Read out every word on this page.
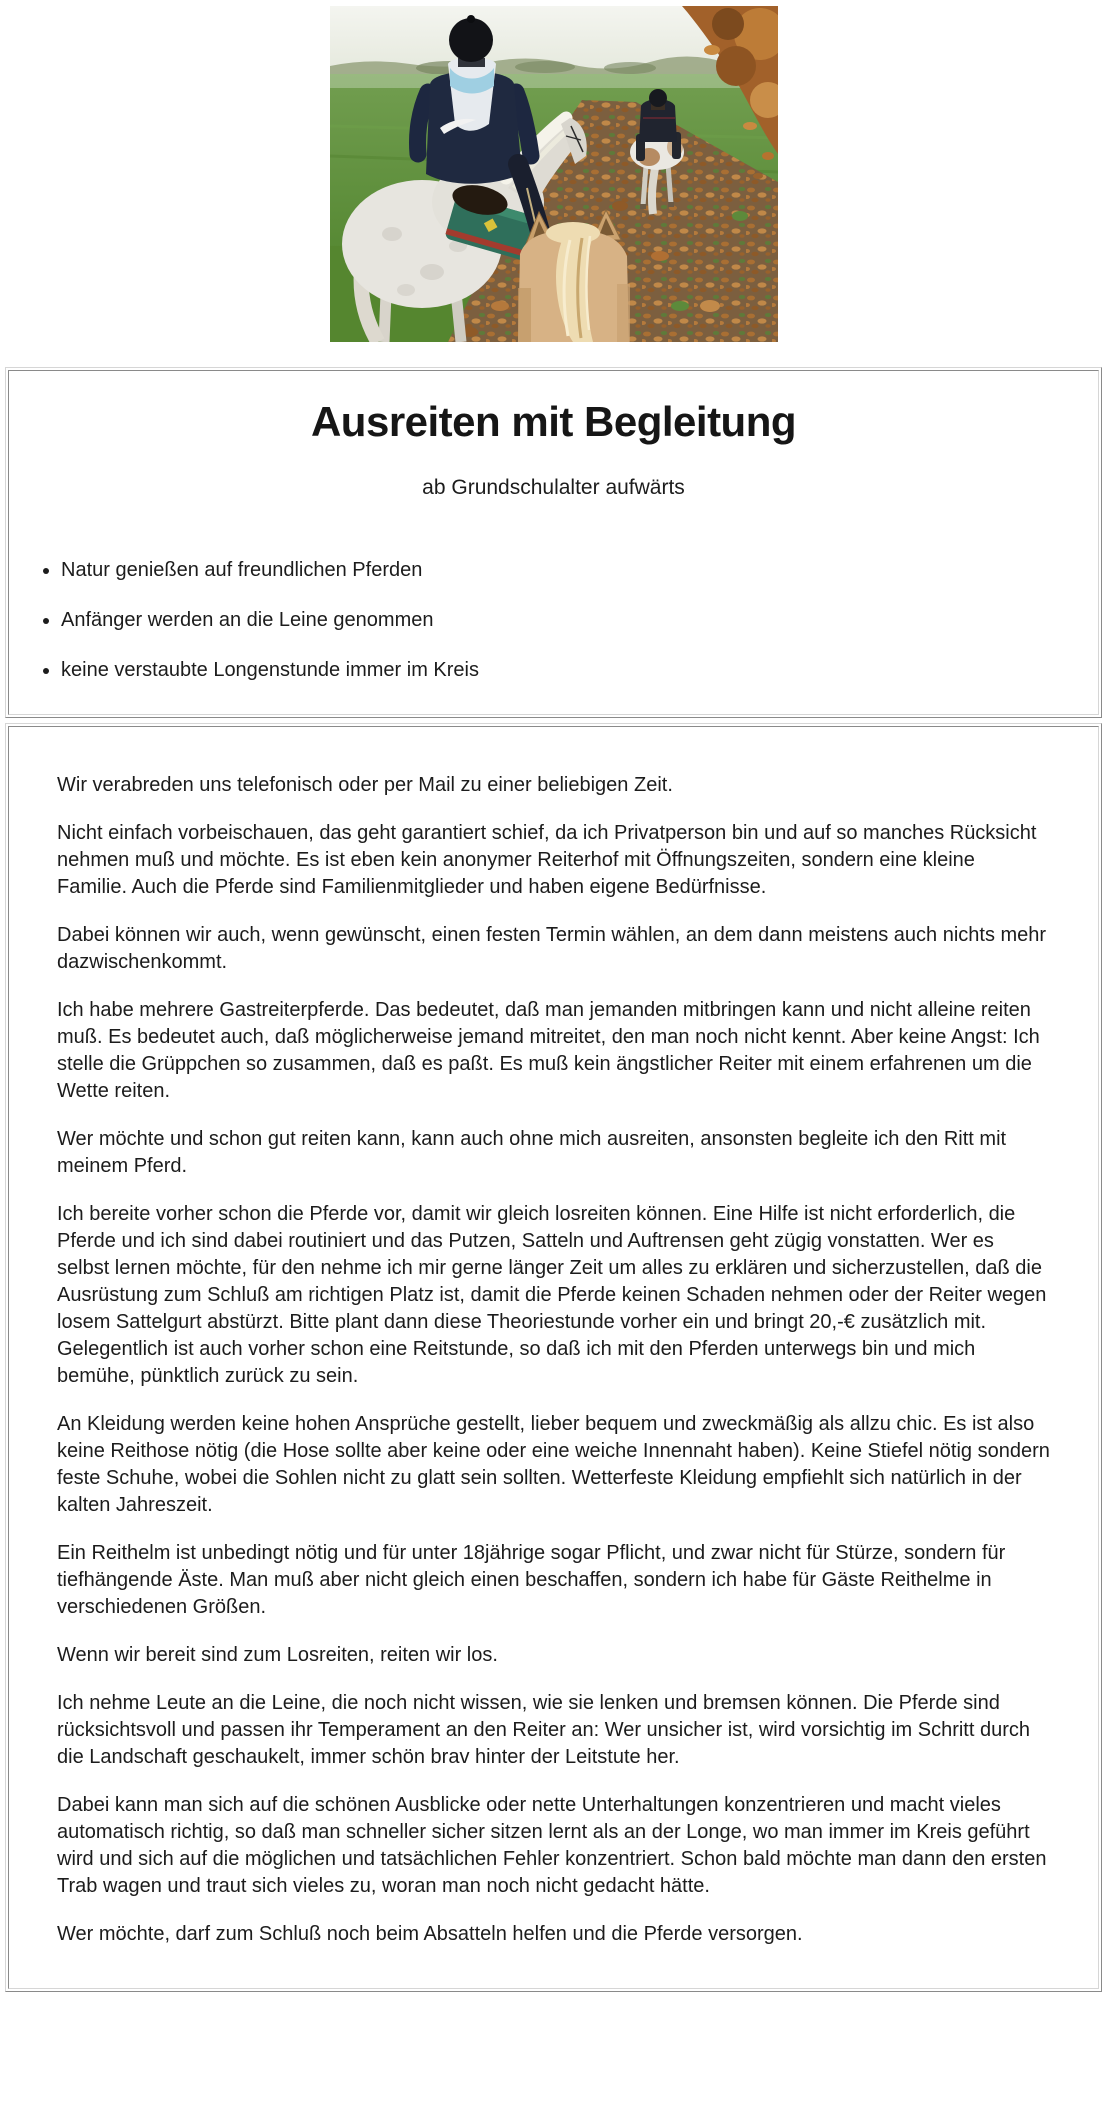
Ausreiten mit Begleitung
ab Grundschulalter aufwärts
• Natur genießen auf freundlichen Pferden
• Anfänger werden an die Leine genommen
• keine verstaubte Longenstunde immer im Kreis

Wir verabreden uns telefonisch oder per Mail zu einer beliebigen Zeit.

Nicht einfach vorbeischauen, das geht garantiert schief, da ich Privatperson bin und auf so manches Rücksicht nehmen muß und möchte. Es ist eben kein anonymer Reiterhof mit Öffnungszeiten, sondern eine kleine Familie. Auch die Pferde sind Familienmitglieder und haben eigene Bedürfnisse.

Dabei können wir auch, wenn gewünscht, einen festen Termin wählen, an dem dann meistens auch nichts mehr dazwischenkommt.

Ich habe mehrere Gastreiterpferde. Das bedeutet, daß man jemanden mitbringen kann und nicht alleine reiten muß. Es bedeutet auch, daß möglicherweise jemand mitreitet, den man noch nicht kennt. Aber keine Angst: Ich stelle die Grüppchen so zusammen, daß es paßt. Es muß kein ängstlicher Reiter mit einem erfahrenen um die Wette reiten.

Wer möchte und schon gut reiten kann, kann auch ohne mich ausreiten, ansonsten begleite ich den Ritt mit meinem Pferd.

Ich bereite vorher schon die Pferde vor, damit wir gleich losreiten können. Eine Hilfe ist nicht erforderlich, die Pferde und ich sind dabei routiniert und das Putzen, Satteln und Auftrensen geht zügig vonstatten. Wer es selbst lernen möchte, für den nehme ich mir gerne länger Zeit um alles zu erklären und sicherzustellen, daß die Ausrüstung zum Schluß am richtigen Platz ist, damit die Pferde keinen Schaden nehmen oder der Reiter wegen losem Sattelgurt abstürzt. Bitte plant dann diese Theoriestunde vorher ein und bringt 20,-€ zusätzlich mit.
Gelegentlich ist auch vorher schon eine Reitstunde, so daß ich mit den Pferden unterwegs bin und mich bemühe, pünktlich zurück zu sein.

An Kleidung werden keine hohen Ansprüche gestellt, lieber bequem und zweckmäßig als allzu chic. Es ist also keine Reithose nötig (die Hose sollte aber keine oder eine weiche Innennaht haben). Keine Stiefel nötig sondern feste Schuhe, wobei die Sohlen nicht zu glatt sein sollten. Wetterfeste Kleidung empfiehlt sich natürlich in der kalten Jahreszeit.

Ein Reithelm ist unbedingt nötig und für unter 18jährige sogar Pflicht, und zwar nicht für Stürze, sondern für tiefhängende Äste. Man muß aber nicht gleich einen beschaffen, sondern ich habe für Gäste Reithelme in verschiedenen Größen.

Wenn wir bereit sind zum Losreiten, reiten wir los.

Ich nehme Leute an die Leine, die noch nicht wissen, wie sie lenken und bremsen können. Die Pferde sind rücksichtsvoll und passen ihr Temperament an den Reiter an: Wer unsicher ist, wird vorsichtig im Schritt durch die Landschaft geschaukelt, immer schön brav hinter der Leitstute her.

Dabei kann man sich auf die schönen Ausblicke oder nette Unterhaltungen konzentrieren und macht vieles automatisch richtig, so daß man schneller sicher sitzen lernt als an der Longe, wo man immer im Kreis geführt wird und sich auf die möglichen und tatsächlichen Fehler konzentriert. Schon bald möchte man dann den ersten Trab wagen und traut sich vieles zu, woran man noch nicht gedacht hätte.

Wer möchte, darf zum Schluß noch beim Absatteln helfen und die Pferde versorgen.
